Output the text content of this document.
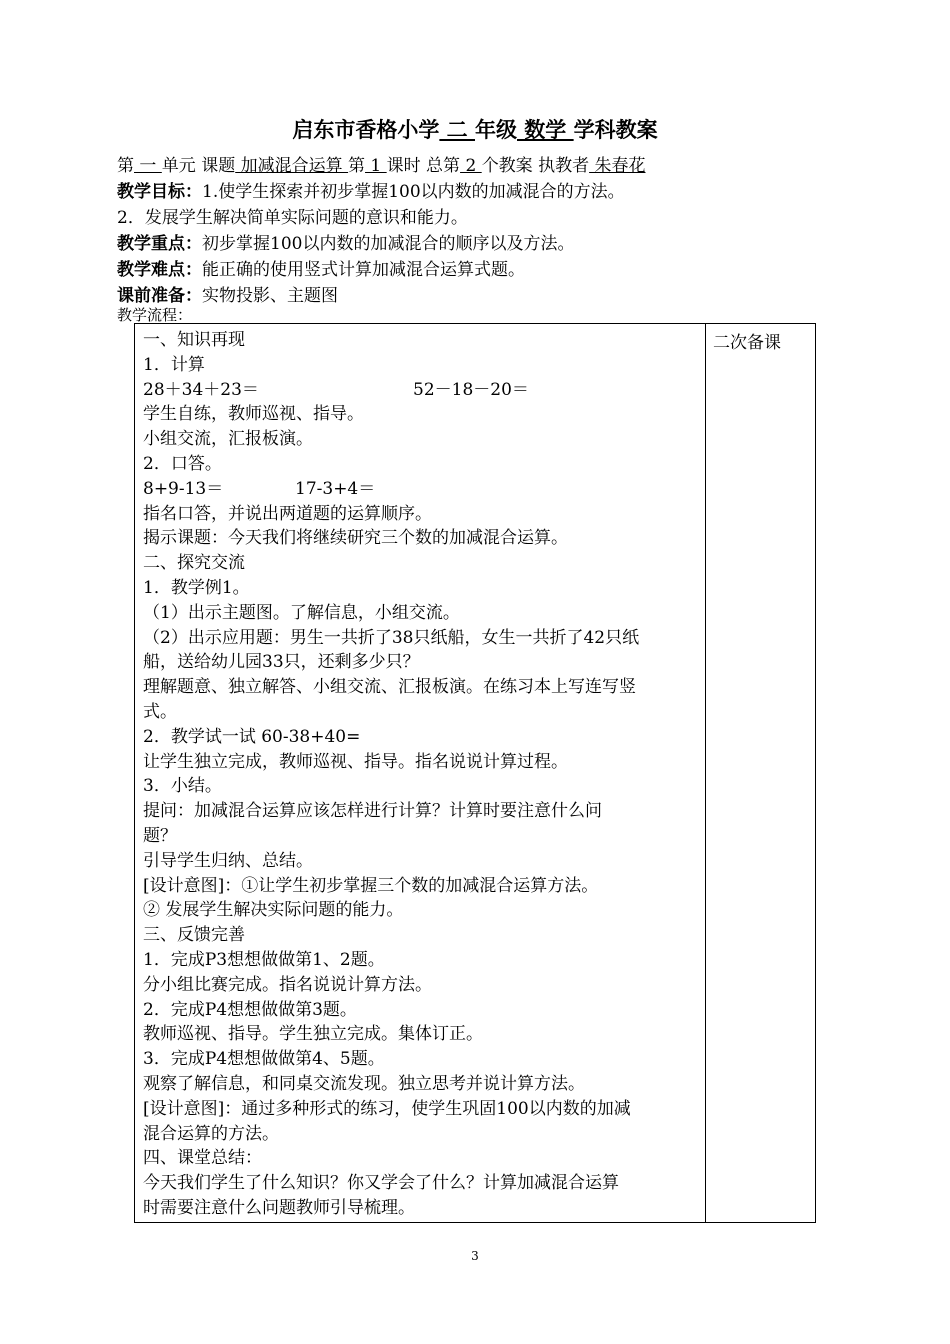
启东市香格小学 二 年级 数学 学科教案
第 一 单元 课题 加减混合运算 第 1 课时 总第 2 个教案 执教者 朱春花
教学目标：1.使学生探索并初步掌握100以内数的加减混合的方法。
2．发展学生解决简单实际问题的意识和能力。
教学重点：初步掌握100以内数的加减混合的顺序以及方法。
教学难点：能正确的使用竖式计算加减混合运算式题。
课前准备：实物投影、主题图
教学流程：
一、知识再现
1．计算
28＋34＋23＝	52－18－20＝
学生自练，教师巡视、指导。
小组交流，汇报板演。
2．口答。
8+9-13＝	17-3+4＝
指名口答，并说出两道题的运算顺序。
揭示课题：今天我们将继续研究三个数的加减混合运算。
二、探究交流
1．教学例1。
（1）出示主题图。了解信息，小组交流。
（2）出示应用题：男生一共折了38只纸船，女生一共折了42只纸
船，送给幼儿园33只，还剩多少只？
理解题意、独立解答、小组交流、汇报板演。在练习本上写连写竖
式。
2．教学试一试 60-38+40=
让学生独立完成，教师巡视、指导。指名说说计算过程。
3．小结。
提问：加减混合运算应该怎样进行计算？计算时要注意什么问
题？
引导学生归纳、总结。
[设计意图]：①让学生初步掌握三个数的加减混合运算方法。
② 发展学生解决实际问题的能力。
三、反馈完善
1．完成P3想想做做第1、2题。
分小组比赛完成。指名说说计算方法。
2．完成P4想想做做第3题。
教师巡视、指导。学生独立完成。集体订正。
3．完成P4想想做做第4、5题。
观察了解信息，和同桌交流发现。独立思考并说计算方法。
[设计意图]：通过多种形式的练习，使学生巩固100以内数的加减
混合运算的方法。
四、课堂总结：
今天我们学生了什么知识？你又学会了什么？计算加减混合运算
时需要注意什么问题教师引导梳理。
	二次备课
3
